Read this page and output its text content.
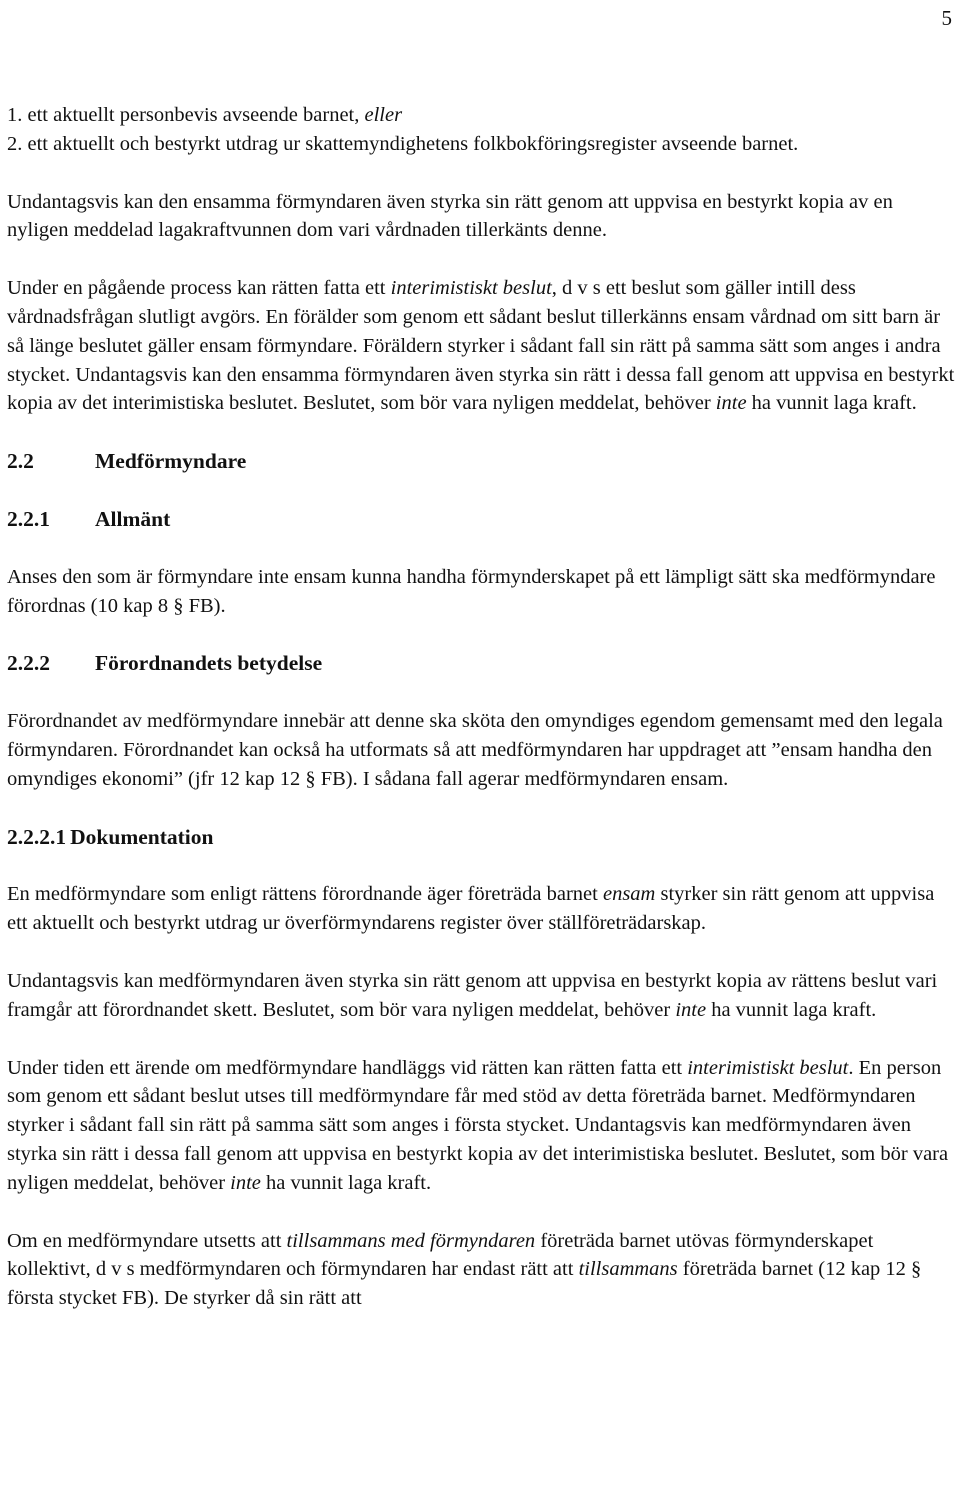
5
1. ett aktuellt personbevis avseende barnet, eller
2. ett aktuellt och bestyrkt utdrag ur skattemyndighetens folkbokföringsregister avseende barnet.

Undantagsvis kan den ensamma förmyndaren även styrka sin rätt genom att uppvisa en bestyrkt kopia av en nyligen meddelad lagakraftvunnen dom vari vårdnaden tillerkänts denne.

Under en pågående process kan rätten fatta ett interimistiskt beslut, d v s ett beslut som gäller intill dess vårdnadsfrågan slutligt avgörs. En förälder som genom ett sådant beslut tillerkänns ensam vårdnad om sitt barn är så länge beslutet gäller ensam förmyndare. Föräldern styrker i sådant fall sin rätt på samma sätt som anges i andra stycket. Undantagsvis kan den ensamma förmyndaren även styrka sin rätt i dessa fall genom att uppvisa en bestyrkt kopia av det interimistiska beslutet. Beslutet, som bör vara nyligen meddelat, behöver inte ha vunnit laga kraft.

2.2	Medförmyndare

2.2.1 Allmänt

Anses den som är förmyndare inte ensam kunna handha förmynderskapet på ett lämpligt sätt ska medförmyndare förordnas (10 kap 8 § FB).

2.2.2 Förordnandets betydelse

Förordnandet av medförmyndare innebär att denne ska sköta den omyndiges egendom gemensamt med den legala förmyndaren. Förordnandet kan också ha utformats så att medförmyndaren har uppdraget att ”ensam handha den omyndiges ekonomi” (jfr 12 kap 12 § FB). I sådana fall agerar medförmyndaren ensam.

2.2.2.1 Dokumentation

En medförmyndare som enligt rättens förordnande äger företräda barnet ensam styrker sin rätt genom att uppvisa ett aktuellt och bestyrkt utdrag ur överförmyndarens register över ställföreträdarskap.

Undantagsvis kan medförmyndaren även styrka sin rätt genom att uppvisa en bestyrkt kopia av rättens beslut vari framgår att förordnandet skett. Beslutet, som bör vara nyligen meddelat, behöver inte ha vunnit laga kraft.

Under tiden ett ärende om medförmyndare handläggs vid rätten kan rätten fatta ett interimistiskt beslut. En person som genom ett sådant beslut utses till medförmyndare får med stöd av detta företräda barnet. Medförmyndaren styrker i sådant fall sin rätt på samma sätt som anges i första stycket. Undantagsvis kan medförmyndaren även styrka sin rätt i dessa fall genom att uppvisa en bestyrkt kopia av det interimistiska beslutet. Beslutet, som bör vara nyligen meddelat, behöver inte ha vunnit laga kraft.

Om en medförmyndare utsetts att tillsammans med förmyndaren företräda barnet utövas förmynderskapet kollektivt, d v s medförmyndaren och förmyndaren har endast rätt att tillsammans företräda barnet (12 kap 12 § första stycket FB). De styrker då sin rätt att
